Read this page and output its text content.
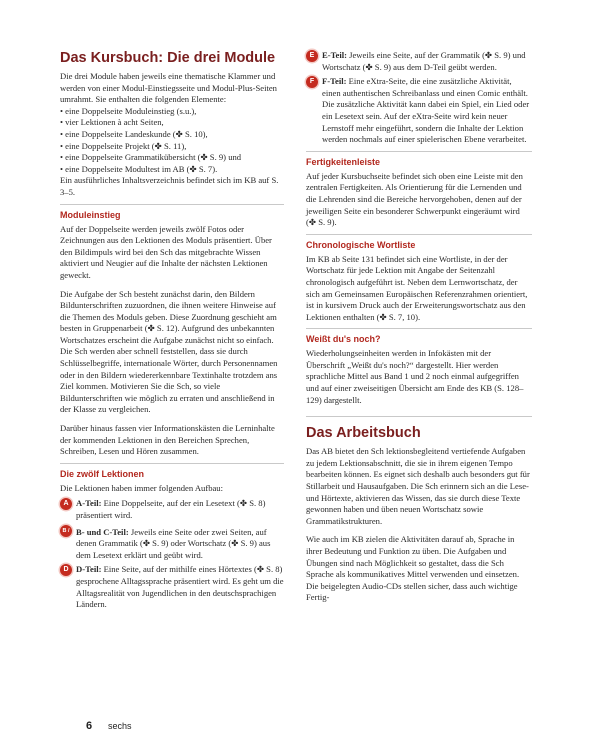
Das Kursbuch: Die drei Module

Die drei Module haben jeweils eine thematische Klammer und werden von einer Modul-Einstiegsseite und Modul-Plus-Seiten umrahmt. Sie enthalten die folgenden Elemente:

• eine Doppelseite Moduleinstieg (s.u.),
• vier Lektionen à acht Seiten,
• eine Doppelseite Landeskunde (✤ S. 10),
• eine Doppelseite Projekt (✤ S. 11),
• eine Doppelseite Grammatikübersicht (✤ S. 9) und
• eine Doppelseite Modultest im AB (✤ S. 7).

Ein ausführliches Inhaltsverzeichnis befindet sich im KB auf S. 3–5.

Moduleinstieg

Auf der Doppelseite werden jeweils zwölf Fotos oder Zeichnungen aus den Lektionen des Moduls präsentiert. Über den Bildimpuls wird bei den Sch das mitgebrachte Wissen aktiviert und Neugier auf die Inhalte der nächsten Lektionen geweckt.

Die Aufgabe der Sch besteht zunächst darin, den Bildern Bildunterschriften zuzuordnen, die ihnen weitere Hinweise auf die Themen des Moduls geben. Diese Zuordnung geschieht am besten in Gruppenarbeit (✤ S. 12). Aufgrund des unbekannten Wortschatzes erscheint die Aufgabe zunächst nicht so einfach. Die Sch werden aber schnell feststellen, dass sie durch Schlüsselbegriffe, internationale Wörter, durch Personennamen oder in den Bildern wiedererkennbare Textinhalte trotzdem ans Ziel kommen. Motivieren Sie die Sch, so viele Bildunterschriften wie möglich zu erraten und anschließend in der Klasse zu vergleichen.

Darüber hinaus fassen vier Informationskästen die Lerninhalte der kommenden Lektionen in den Bereichen Sprechen, Schreiben, Lesen und Hören zusammen.

Die zwölf Lektionen

Die Lektionen haben immer folgenden Aufbau:

A A-Teil: Eine Doppelseite, auf der ein Lesetext (✤ S. 8) präsentiert wird.
B / C
B- und C-Teil: Jeweils eine Seite oder zwei Seiten, auf denen Grammatik (✤ S. 9) oder Wortschatz (✤ S. 9) aus dem Lesetext erklärt und geübt wird.
D D-Teil: Eine Seite, auf der mithilfe eines Hörtextes (✤ S. 8) gesprochene Alltagssprache präsentiert wird. Es geht um die Alltagsrealität von Jugendlichen in den deutschsprachigen Ländern.
E E-Teil: Jeweils eine Seite, auf der Grammatik (✤ S. 9) und Wortschatz (✤ S. 9) aus dem D-Teil geübt werden.
F F-Teil: Eine eXtra-Seite, die eine zusätzliche Aktivität, einen authentischen Schreibanlass und einen Comic enthält. Die zusätzliche Aktivität kann dabei ein Spiel, ein Lied oder ein Lesetext sein. Auf der eXtra-Seite wird kein neuer Lernstoff mehr eingeführt, sondern die Inhalte der Lektion werden nochmals auf einer spielerischen Ebene verarbeitet.
Fertigkeitenleiste

Auf jeder Kursbuchseite befindet sich oben eine Leiste mit den zentralen Fertigkeiten. Als Orientierung für die Lernenden und die Lehrenden sind die Bereiche hervorgehoben, denen auf der jeweiligen Seite ein besonderer Schwerpunkt eingeräumt wird (✤ S. 9).

Chronologische Wortliste

Im KB ab Seite 131 befindet sich eine Wortliste, in der der Wortschatz für jede Lektion mit Angabe der Seitenzahl chronologisch aufgeführt ist. Neben dem Lernwortschatz, der sich am Gemeinsamen Europäischen Referenzrahmen orientiert, ist in kursivem Druck auch der Erweiterungswortschatz aus den Lektionen enthalten (✤ S. 7, 10).

Weißt du's noch?

Wiederholungseinheiten werden in Infokästen mit der Überschrift „Weißt du's noch?“ dargestellt. Hier werden sprachliche Mittel aus Band 1 und 2 noch einmal aufgegriffen und auf einer zweiseitigen Übersicht am Ende des KB (S. 128–129) dargestellt.

Das Arbeitsbuch

Das AB bietet den Sch lektionsbegleitend vertiefende Aufgaben zu jedem Lektionsabschnitt, die sie in ihrem eigenen Tempo bearbeiten können. Es eignet sich deshalb auch besonders gut für Stillarbeit und Hausaufgaben. Die Sch erinnern sich an die Lese- und Hörtexte, aktivieren das Wissen, das sie durch diese Texte gewonnen haben und üben neuen Wortschatz sowie Grammatikstrukturen.

Wie auch im KB zielen die Aktivitäten darauf ab, Sprache in ihrer Bedeutung und Funktion zu üben. Die Aufgaben und Übungen sind nach Möglichkeit so gestaltet, dass die Sch Sprache als kommunikatives Mittel verwenden und einsetzen. Die beigelegten Audio-CDs stellen sicher, dass auch wichtige Fertig-

6 sechs
